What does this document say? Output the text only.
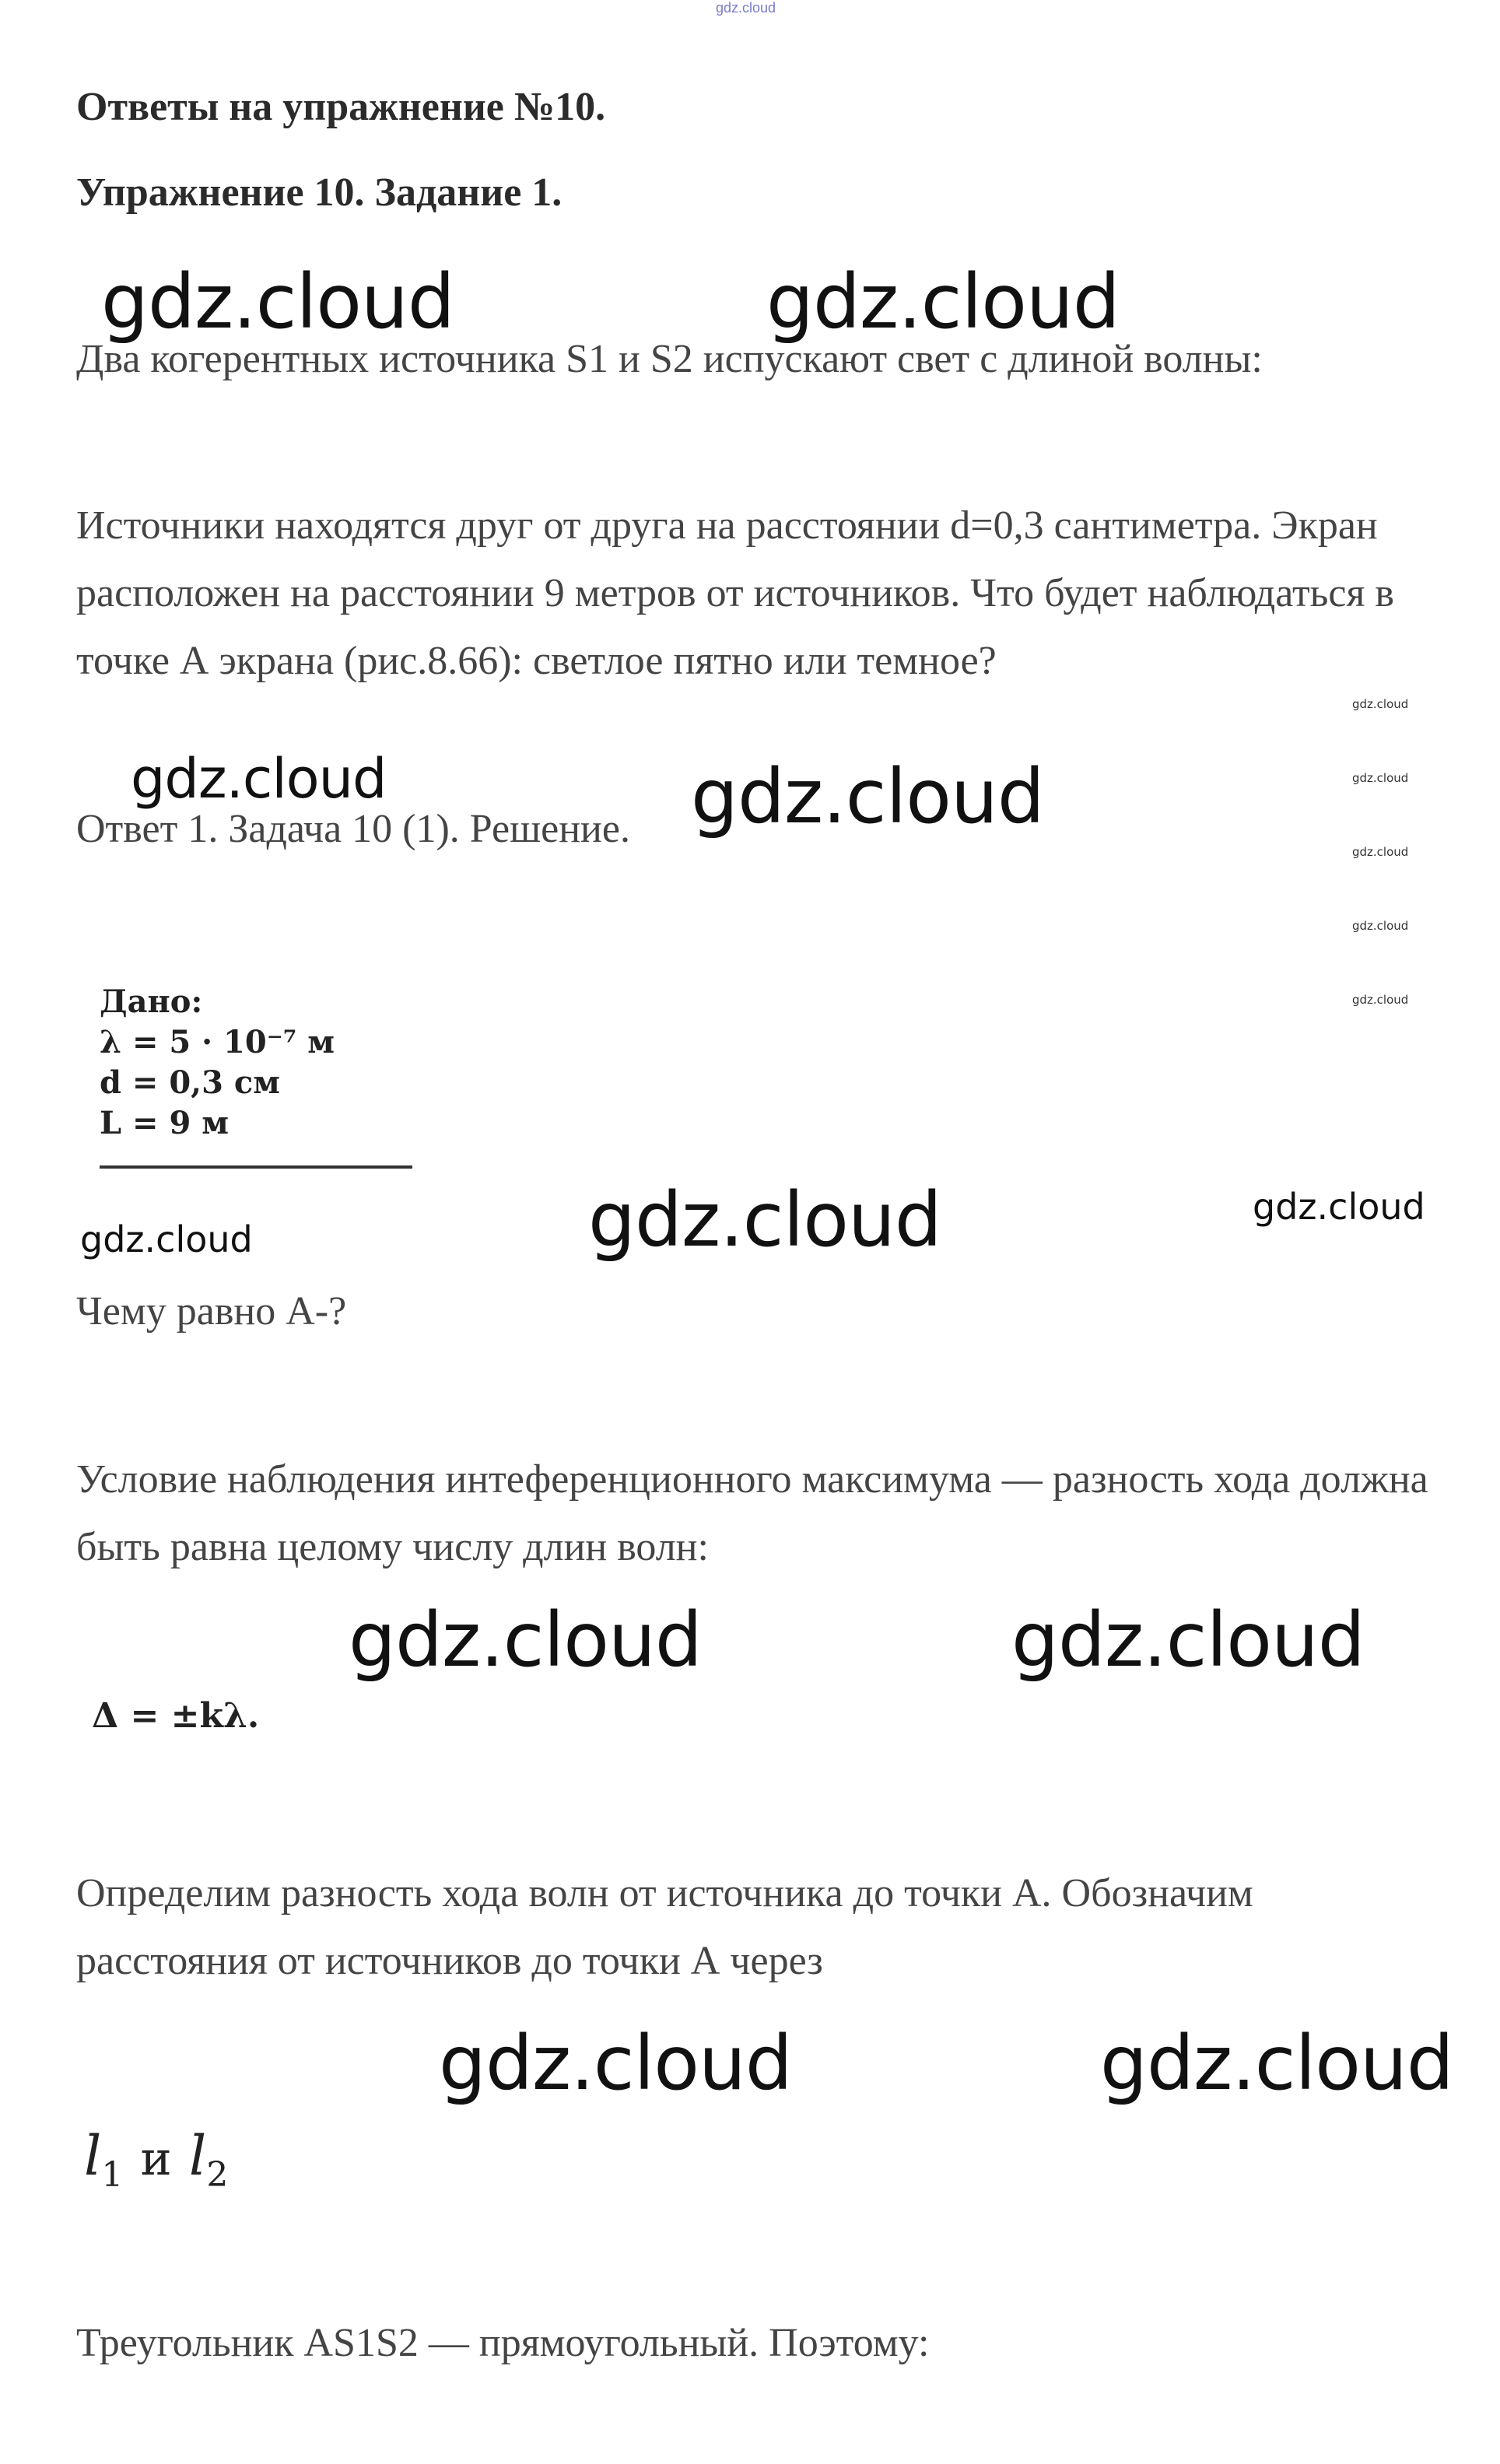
gdz.cloud
Ответы на упражнение №10.
Упражнение 10. Задание 1.
Два когерентных источника S1 и S2 испускают свет с длиной волны:
Источники находятся друг от друга на расстоянии d=0,3 сантиметра. Экран расположен на расстоянии 9 метров от источников. Что будет наблюдаться в точке А экрана (рис.8.66): светлое пятно или темное?
Ответ 1. Задача 10 (1). Решение.
Дано:
λ = 5 · 10⁻⁷ м
d = 0,3 см
L = 9 м
Чему равно А-?
Условие наблюдения интеференционного максимума — разность хода должна быть равна целому числу длин волн:
Δ = ±kλ.
Определим разность хода волн от источника до точки А. Обозначим расстояния от источников до точки А через
$l_1$ и $l_2$
Треугольник AS1S2 — прямоугольный. Поэтому:
gdz.cloud	gdz.cloud
gdz.cloud	gdz.cloud
gdz.cloud
gdz.cloud
gdz.cloud
gdz.cloud
gdz.cloud
gdz.cloud	gdz.cloud	gdz.cloud
gdz.cloud	gdz.cloud
gdz.cloud	gdz.cloud
